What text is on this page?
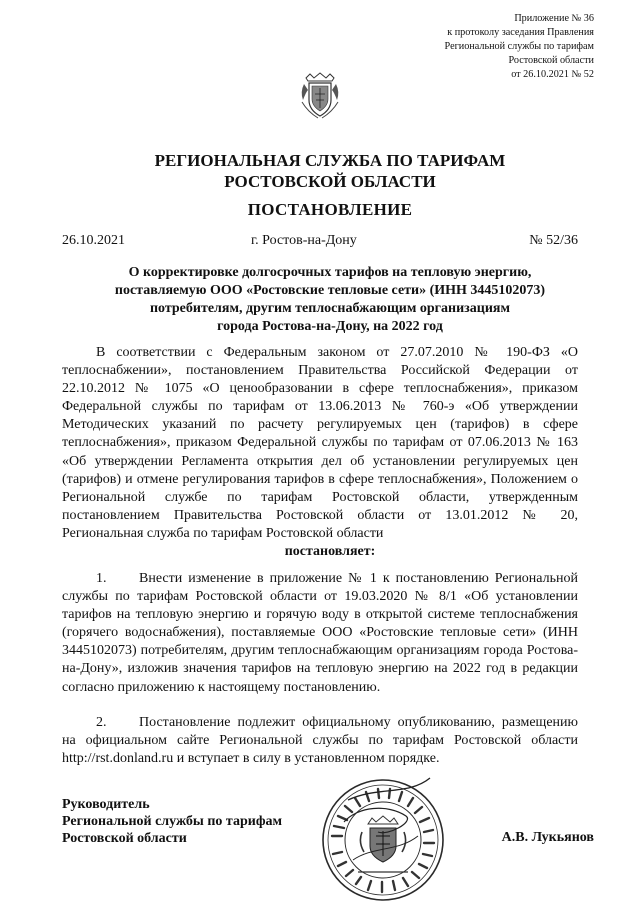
Приложение № 36
к протоколу заседания Правления
Региональной службы по тарифам
Ростовской области
от 26.10.2021 № 52
РЕГИОНАЛЬНАЯ СЛУЖБА ПО ТАРИФАМ
РОСТОВСКОЙ ОБЛАСТИ
ПОСТАНОВЛЕНИЕ
26.10.2021	г. Ростов-на-Дону	№ 52/36
О корректировке долгосрочных тарифов на тепловую энергию,
поставляемую ООО «Ростовские тепловые сети» (ИНН 3445102073)
потребителям, другим теплоснабжающим организациям
города Ростова-на-Дону, на 2022 год

В соответствии с Федеральным законом от 27.07.2010 № 190-ФЗ «О теплоснабжении», постановлением Правительства Российской Федерации от 22.10.2012 № 1075 «О ценообразовании в сфере теплоснабжения», приказом Федеральной службы по тарифам от 13.06.2013 № 760-э «Об утверждении Методических указаний по расчету регулируемых цен (тарифов) в сфере теплоснабжения», приказом Федеральной службы по тарифам от 07.06.2013 № 163 «Об утверждении Регламента открытия дел об установлении регулируемых цен (тарифов) и отмене регулирования тарифов в сфере теплоснабжения», Положением о Региональной службе по тарифам Ростовской области, утвержденным постановлением Правительства Ростовской области от 13.01.2012 № 20, Региональная служба по тарифам Ростовской области

постановляет:

1. Внести изменение в приложение № 1 к постановлению Региональной службы по тарифам Ростовской области от 19.03.2020 № 8/1 «Об установлении тарифов на тепловую энергию и горячую воду в открытой системе теплоснабжения (горячего водоснабжения), поставляемые ООО «Ростовские тепловые сети» (ИНН 3445102073) потребителям, другим теплоснабжающим организациям города Ростова-на-Дону», изложив значения тарифов на тепловую энергию на 2022 год в редакции согласно приложению к настоящему постановлению.

2. Постановление подлежит официальному опубликованию, размещению на официальном сайте Региональной службы по тарифам Ростовской области http://rst.donland.ru и вступает в силу в установленном порядке.

Руководитель
Региональной службы по тарифам
Ростовской области	А.В. Лукьянов
